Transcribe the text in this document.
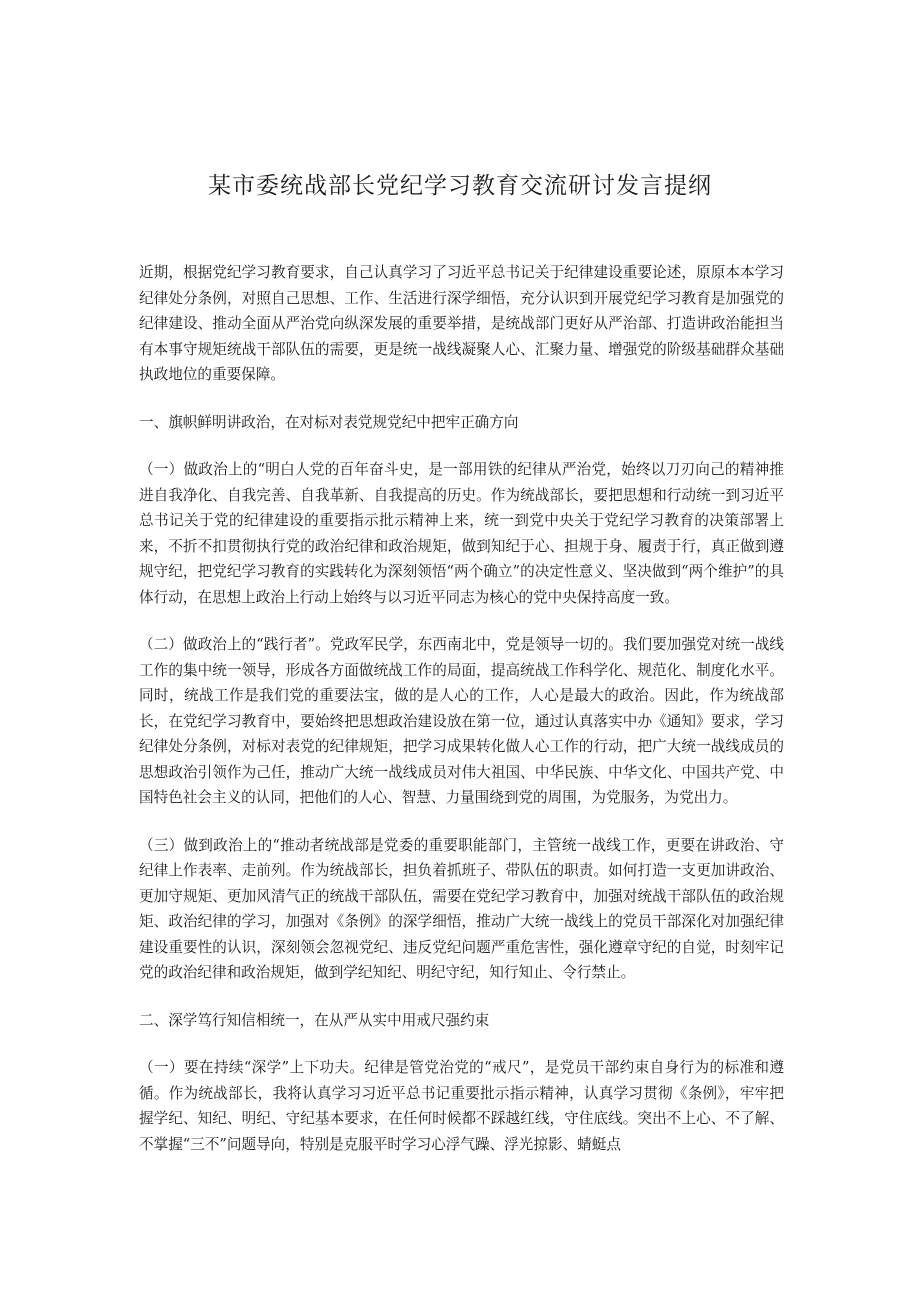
某市委统战部长党纪学习教育交流研讨发言提纲

近期，根据党纪学习教育要求，自己认真学习了习近平总书记关于纪律建设重要论述，原原本本学习纪律处分条例，对照自己思想、工作、生活进行深学细悟，充分认识到开展党纪学习教育是加强党的纪律建设、推动全面从严治党向纵深发展的重要举措，是统战部门更好从严治部、打造讲政治能担当有本事守规矩统战干部队伍的需要，更是统一战线凝聚人心、汇聚力量、增强党的阶级基础群众基础执政地位的重要保障。

一、旗帜鲜明讲政治，在对标对表党规党纪中把牢正确方向

（一）做政治上的“明白人党的百年奋斗史，是一部用铁的纪律从严治党，始终以刀刃向己的精神推进自我净化、自我完善、自我革新、自我提高的历史。作为统战部长，要把思想和行动统一到习近平总书记关于党的纪律建设的重要指示批示精神上来，统一到党中央关于党纪学习教育的决策部署上来，不折不扣贯彻执行党的政治纪律和政治规矩，做到知纪于心、担规于身、履责于行，真正做到遵规守纪，把党纪学习教育的实践转化为深刻领悟“两个确立”的决定性意义、坚决做到“两个维护”的具体行动，在思想上政治上行动上始终与以习近平同志为核心的党中央保持高度一致。

（二）做政治上的“践行者”。党政军民学，东西南北中，党是领导一切的。我们要加强党对统一战线工作的集中统一领导，形成各方面做统战工作的局面，提高统战工作科学化、规范化、制度化水平。同时，统战工作是我们党的重要法宝，做的是人心的工作，人心是最大的政治。因此，作为统战部长，在党纪学习教育中，要始终把思想政治建设放在第一位，通过认真落实中办《通知》要求，学习纪律处分条例，对标对表党的纪律规矩，把学习成果转化做人心工作的行动，把广大统一战线成员的思想政治引领作为己任，推动广大统一战线成员对伟大祖国、中华民族、中华文化、中国共产党、中国特色社会主义的认同，把他们的人心、智慧、力量围绕到党的周围，为党服务，为党出力。

（三）做到政治上的“推动者统战部是党委的重要职能部门，主管统一战线工作，更要在讲政治、守纪律上作表率、走前列。作为统战部长，担负着抓班子、带队伍的职责。如何打造一支更加讲政治、更加守规矩、更加风清气正的统战干部队伍，需要在党纪学习教育中，加强对统战干部队伍的政治规矩、政治纪律的学习，加强对《条例》的深学细悟，推动广大统一战线上的党员干部深化对加强纪律建设重要性的认识，深刻领会忽视党纪、违反党纪问题严重危害性，强化遵章守纪的自觉，时刻牢记党的政治纪律和政治规矩，做到学纪知纪、明纪守纪，知行知止、令行禁止。

二、深学笃行知信相统一，在从严从实中用戒尺强约束

（一）要在持续“深学”上下功夫。纪律是管党治党的“戒尺”，是党员干部约束自身行为的标准和遵循。作为统战部长，我将认真学习习近平总书记重要批示指示精神，认真学习贯彻《条例》，牢牢把握学纪、知纪、明纪、守纪基本要求，在任何时候都不踩越红线，守住底线。突出不上心、不了解、不掌握“三不”问题导向，特别是克服平时学习心浮气躁、浮光掠影、蜻蜓点
